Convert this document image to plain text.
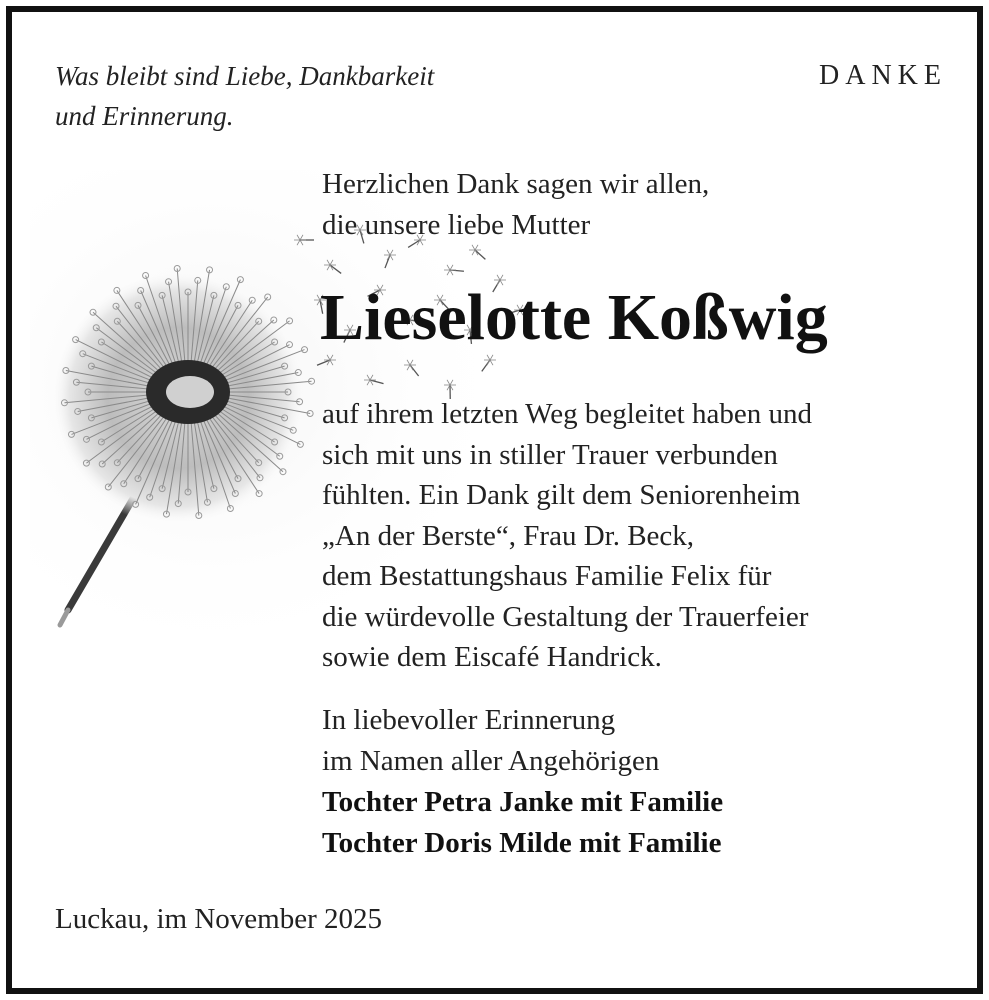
Was bleibt sind Liebe, Dankbarkeit
und Erinnerung.
DANKE
Herzlichen Dank sagen wir allen,
die unsere liebe Mutter
Lieselotte Koßwig
auf ihrem letzten Weg begleitet haben und
sich mit uns in stiller Trauer verbunden
fühlten. Ein Dank gilt dem Seniorenheim
„An der Berste“, Frau Dr. Beck,
dem Bestattungshaus Familie Felix für
die würdevolle Gestaltung der Trauerfeier
sowie dem Eiscafé Handrick.
In liebevoller Erinnerung
im Namen aller Angehörigen
Tochter Petra Janke mit Familie
Tochter Doris Milde mit Familie
Luckau, im November 2025
